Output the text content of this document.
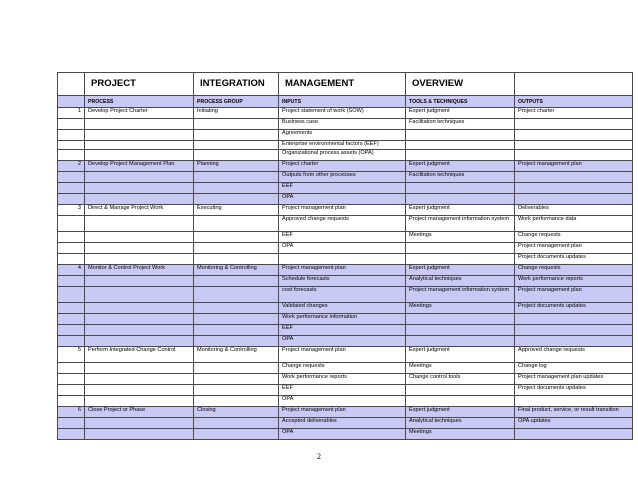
	PROJECT	INTEGRATION	MANAGEMENT	OVERVIEW	
	PROCESS	PROCESS GROUP	INPUTS	TOOLS & TECHNIQUES	OUTPUTS
1	Develop Project Charter	Initiating	Project statement of work (SOW)	Expert judgment	Project charter
			Business case	Facilitation techniques	
			Agreements		
			Enterprise environmental factors (EEF)		
			Organizational process assets (OPA)		
2	Develop Project Management Plan	Planning	Project charter	Expert judgment	Project management plan
			Outputs from other processes	Facilitation techniques	
			EEF		
			OPA		
3	Direct & Manage Project Work	Executing	Project management plan	Expert judgment	Deliverables
			Approved change requests	Project management information system	Work performance data
			EEF	Meetings	Change requests
			OPA		Project management plan
					Project documents updates
4	Monitor & Control Project Work	Monitoring & Controlling	Project management plan	Expert judgment	Change requests
			Schedule forecasts	Analytical techniques	Work performance reports
			cost forecasts	Project management information system	Project management plan
			Validated changes	Meetings	Project documents updates
			Work performance information		
			EEF		
			OPA		
5	Perform Integrated Change Control	Monitoring & Controlling	Project management plan	Expert judgment	Approved change requests
			Change requests	Meetings	Change log
			Work performance reports	Change control tools	Project management plan updates
			EEF		Project documents updates
			OPA		
6	Close Project or Phase	Closing	Project management plan	Expert judgment	Final product, service, or result transition
			Accepted deliverables	Analytical techniques	OPA updates
			OPA	Meetings	
2
